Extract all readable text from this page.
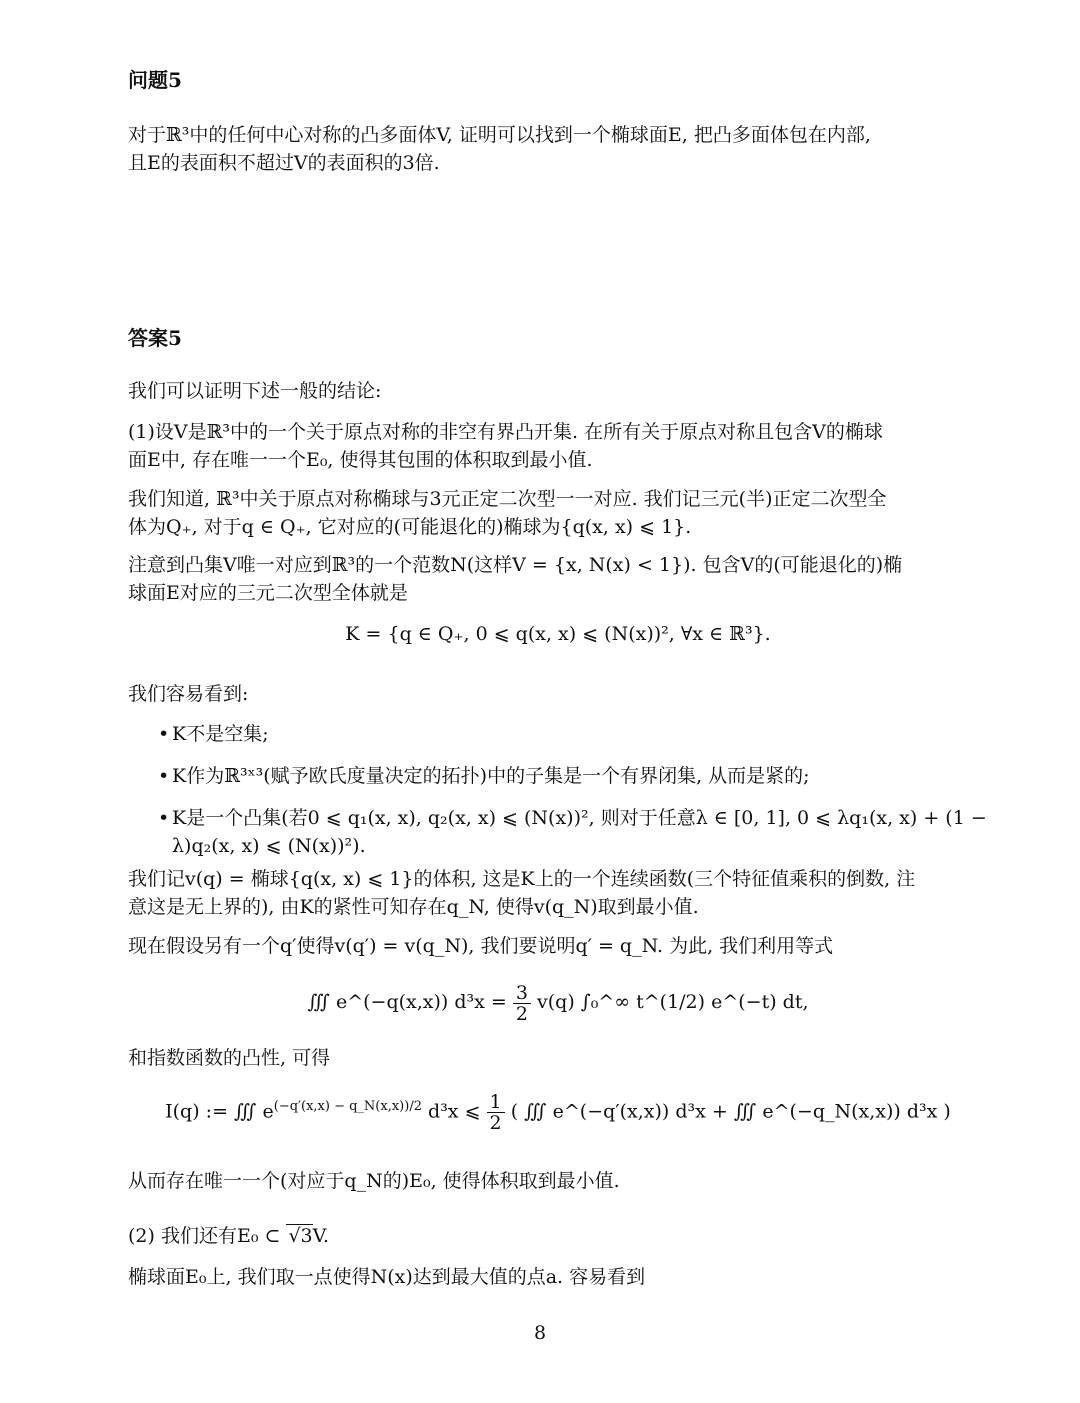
问题5
对于ℝ³中的任何中心对称的凸多面体V, 证明可以找到一个椭球面E, 把凸多面体包在内部,
且E的表面积不超过V的表面积的3倍.
答案5
我们可以证明下述一般的结论:
(1)设V是ℝ³中的一个关于原点对称的非空有界凸开集. 在所有关于原点对称且包含V的椭球
面E中, 存在唯一一个E₀, 使得其包围的体积取到最小值.
我们知道, ℝ³中关于原点对称椭球与3元正定二次型一一对应. 我们记三元(半)正定二次型全
体为Q₊, 对于q ∈ Q₊, 它对应的(可能退化的)椭球为{q(x, x) ⩽ 1}.
注意到凸集V唯一对应到ℝ³的一个范数N(这样V = {x, N(x) < 1}). 包含V的(可能退化的)椭
球面E对应的三元二次型全体就是
K = {q ∈ Q₊, 0 ⩽ q(x, x) ⩽ (N(x))², ∀x ∈ ℝ³}.
我们容易看到:
• K不是空集;
• K作为ℝ³ˣ³(赋予欧氏度量决定的拓扑)中的子集是一个有界闭集, 从而是紧的;
• K是一个凸集(若0 ⩽ q₁(x, x), q₂(x, x) ⩽ (N(x))², 则对于任意λ ∈ [0, 1], 0 ⩽ λq₁(x, x) + (1 − λ)q₂(x, x) ⩽ (N(x))²).
我们记v(q) = 椭球{q(x, x) ⩽ 1}的体积, 这是K上的一个连续函数(三个特征值乘积的倒数, 注
意这是无上界的), 由K的紧性可知存在q_N, 使得v(q_N)取到最小值.
现在假设另有一个q′使得v(q′) = v(q_N), 我们要说明q′ = q_N. 为此, 我们利用等式
∭ e^(−q(x,x)) $d^3x = \frac{3}{2} v(q)$ ∫₀^∞ t^(1/2) e^(−t) dt,
和指数函数的凸性, 可得
I(q) := ∭ $e^{(-q'(x,x) - q\_N(x,x))/2}$ d³x ⩽ $\frac{1}{2}$ ( ∭ e^(−q′(x,x)) d³x + ∭ e^(−q_N(x,x)) d³x )
从而存在唯一一个(对应于q_N的)E₀, 使得体积取到最小值.
(2) 我们还有E₀ ⊂ √3V.
椭球面E₀上, 我们取一点使得N(x)达到最大值的点a. 容易看到
8
